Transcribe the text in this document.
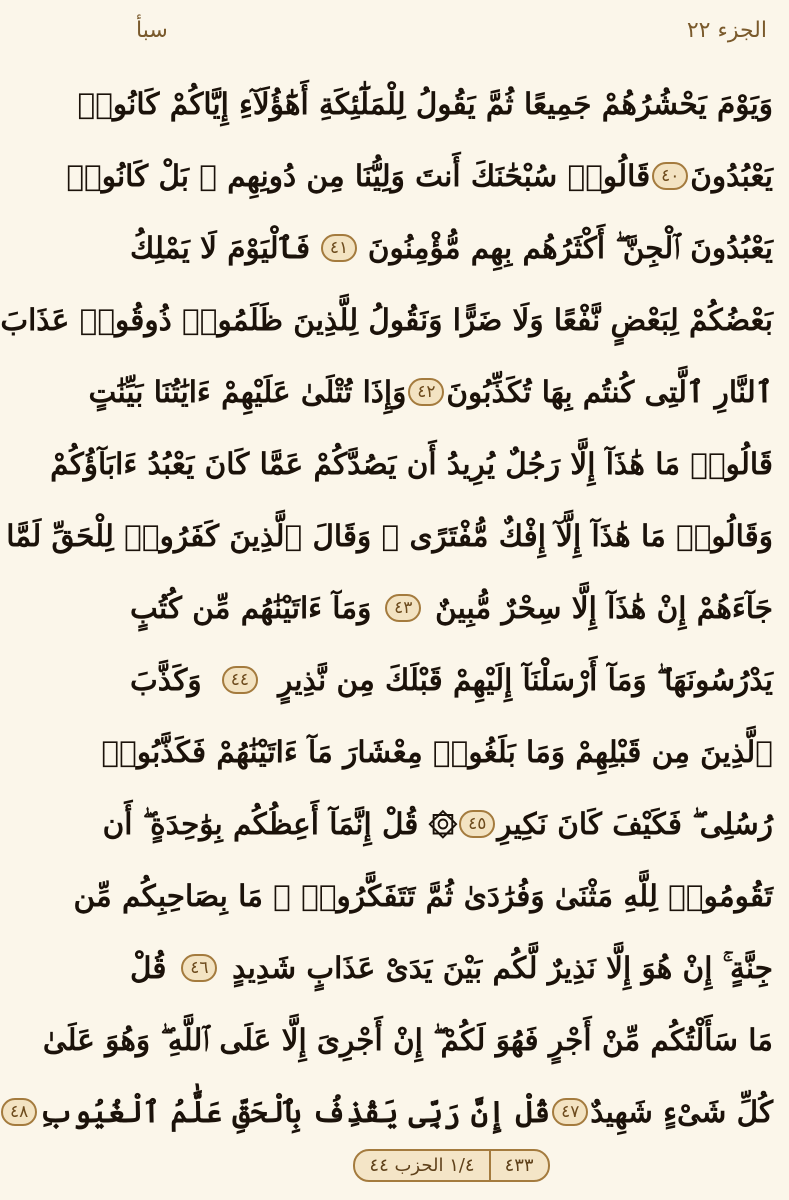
الجزء ٢٢
سبأ
وَيَوْمَ يَحْشُرُهُمْ جَمِيعًا ثُمَّ يَقُولُ لِلْمَلَٰٓئِكَةِ أَهَٰٓؤُلَآءِ إِيَّاكُمْ كَانُوا۟
يَعْبُدُونَ
٤٠
قَالُوا۟ سُبْحَٰنَكَ أَنتَ وَلِيُّنَا مِن دُونِهِم ۖ بَلْ كَانُوا۟
يَعْبُدُونَ ٱلْجِنَّ ۖ أَكْثَرُهُم بِهِم مُّؤْمِنُونَ
٤١
فَٱلْيَوْمَ لَا يَمْلِكُ
بَعْضُكُمْ لِبَعْضٍ نَّفْعًا وَلَا ضَرًّا وَنَقُولُ لِلَّذِينَ ظَلَمُوا۟ ذُوقُوا۟ عَذَابَ
ٱلنَّارِ ٱلَّتِى كُنتُم بِهَا تُكَذِّبُونَ
٤٢
وَإِذَا تُتْلَىٰ عَلَيْهِمْ ءَايَٰتُنَا بَيِّنَٰتٍ
قَالُوا۟ مَا هَٰذَآ إِلَّا رَجُلٌ يُرِيدُ أَن يَصُدَّكُمْ عَمَّا كَانَ يَعْبُدُ ءَابَآؤُكُمْ
وَقَالُوا۟ مَا هَٰذَآ إِلَّآ إِفْكٌ مُّفْتَرًى ۚ وَقَالَ ٱلَّذِينَ كَفَرُوا۟ لِلْحَقِّ لَمَّا
جَآءَهُمْ إِنْ هَٰذَآ إِلَّا سِحْرٌ مُّبِينٌ
٤٣
وَمَآ ءَاتَيْنَٰهُم مِّن كُتُبٍ
يَدْرُسُونَهَا ۖ وَمَآ أَرْسَلْنَآ إِلَيْهِمْ قَبْلَكَ مِن نَّذِيرٍ
٤٤
وَكَذَّبَ
ٱلَّذِينَ مِن قَبْلِهِمْ وَمَا بَلَغُوا۟ مِعْشَارَ مَآ ءَاتَيْنَٰهُمْ فَكَذَّبُوا۟
رُسُلِى ۖ فَكَيْفَ كَانَ نَكِيرِ
٤٥
۞ قُلْ إِنَّمَآ أَعِظُكُم بِوَٰحِدَةٍ ۖ أَن
تَقُومُوا۟ لِلَّهِ مَثْنَىٰ وَفُرَٰدَىٰ ثُمَّ تَتَفَكَّرُوا۟ ۚ مَا بِصَاحِبِكُم مِّن
جِنَّةٍ ۚ إِنْ هُوَ إِلَّا نَذِيرٌ لَّكُم بَيْنَ يَدَىْ عَذَابٍ شَدِيدٍ
٤٦
قُلْ
مَا سَأَلْتُكُم مِّنْ أَجْرٍ فَهُوَ لَكُمْ ۖ إِنْ أَجْرِىَ إِلَّا عَلَى ٱللَّهِ ۖ وَهُوَ عَلَىٰ
كُلِّ شَىْءٍ شَهِيدٌ
٤٧
قُلْ إِنَّ رَبِّى يَقْذِفُ بِٱلْحَقِّ عَلَّٰمُ ٱلْغُيُوبِ
٤٨
٤٣٣
١/٤ الحزب ٤٤
